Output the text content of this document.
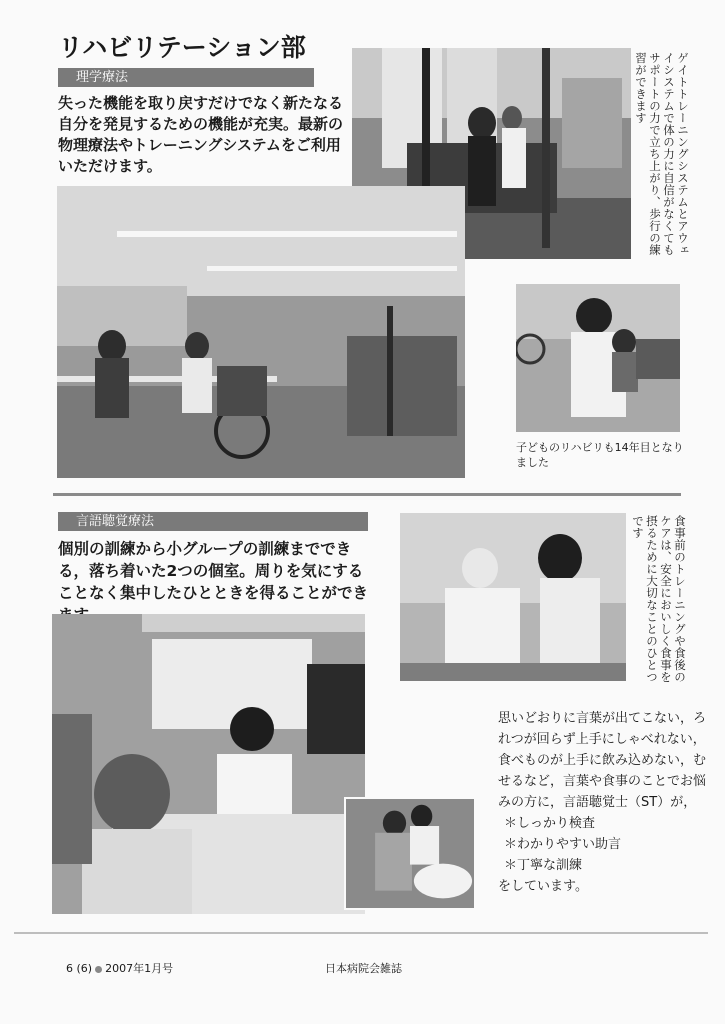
リハビリテーション部
理学療法
失った機能を取り戻すだけでなく新たなる自分を発見するための機能が充実。最新の物理療法やトレーニングシステムをご利用いただけます。	ゲイトトレーニングシステムとアウェイシステムで体の力に自信がなくてもサポートの力で立ち上がり、歩行の練習ができます
子どものリハビリも14年目となりました
言語聴覚療法
個別の訓練から小グループの訓練までできる，落ち着いた2つの個室。周りを気にすることなく集中したひとときを得ることができ	食事前のトレーニングや食後のケアは、安全においしく食事を摂るために大切なことのひとつです
思いどおりに言葉が出てこない，ろれつが回らず上手にしゃべれない，食べものが上手に飲み込めない，むせるなど，言葉や食事のことでお悩みの方に，言語聴覚士（ST）が，
＊しっかり検査
＊わかりやすい助言
＊丁寧な訓練
をしています。
6 (6) 2007年1月号	日本病院会雑誌
